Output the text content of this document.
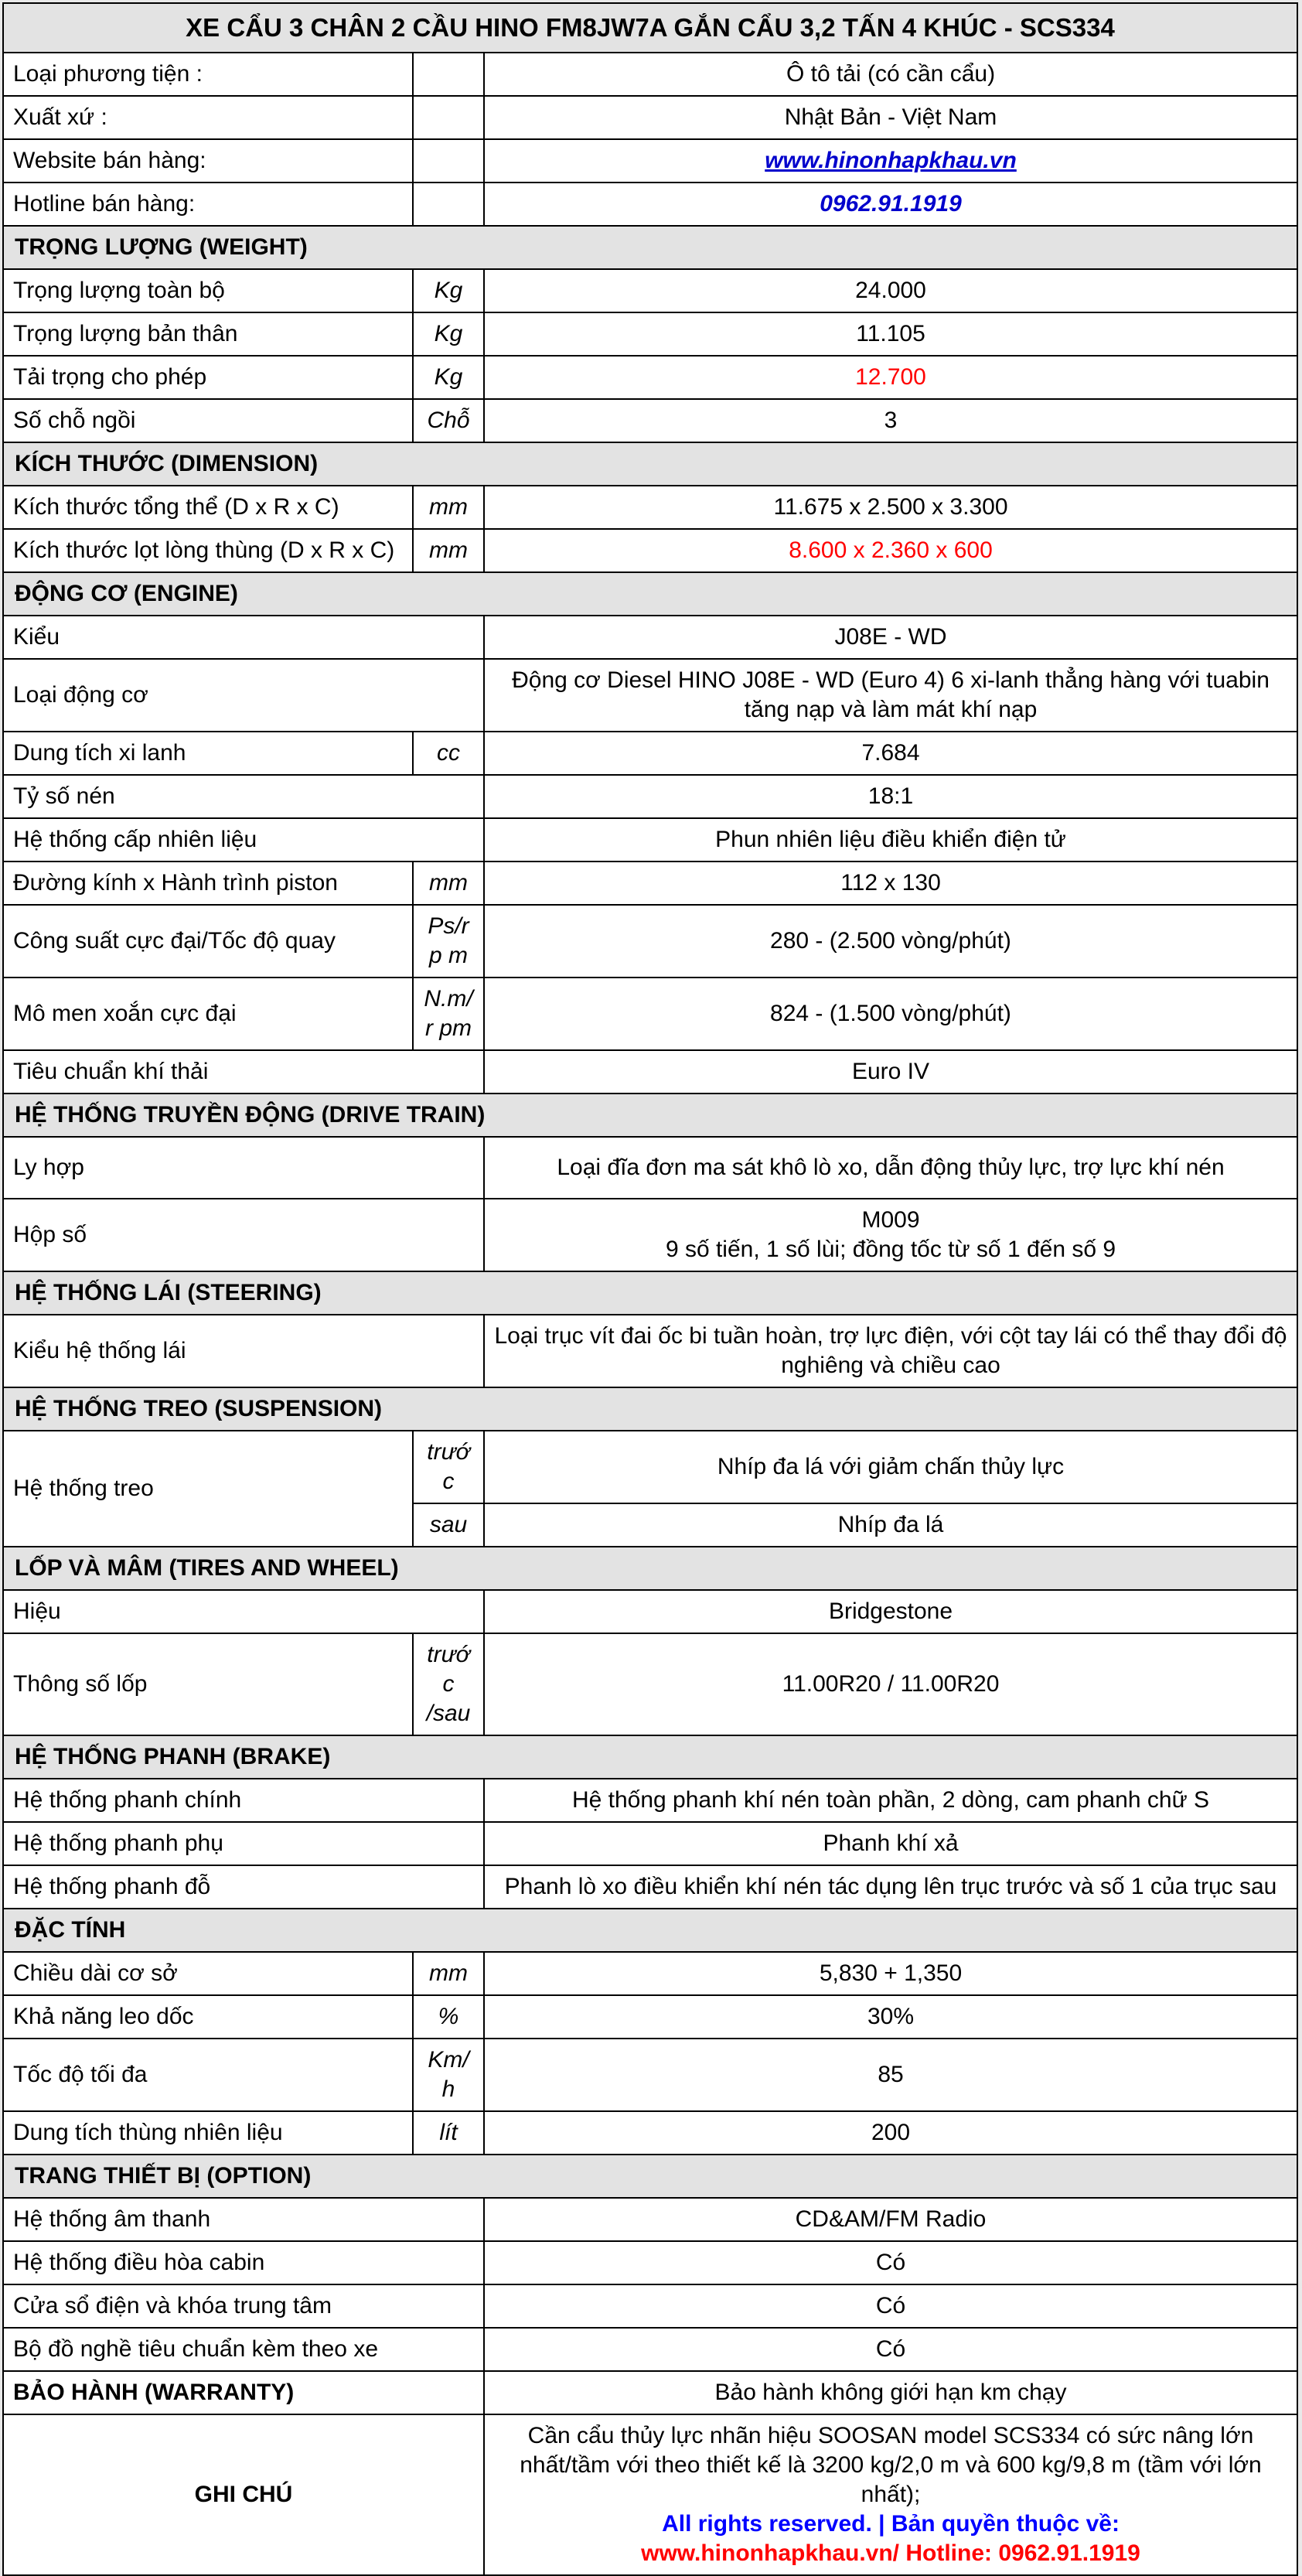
XE CẨU 3 CHÂN 2 CẦU HINO FM8JW7A GẮN CẨU 3,2 TẤN 4 KHÚC - SCS334		
Loại phương tiện :		Ô tô tải (có cần cẩu)
Xuất xứ :		Nhật Bản - Việt Nam
Website bán hàng:		www.hinonhapkhau.vn
Hotline bán hàng:		0962.91.1919
TRỌNG LƯỢNG (WEIGHT)		
Trọng lượng toàn bộ	Kg	24.000
Trọng lượng bản thân	Kg	11.105
Tải trọng cho phép	Kg	12.700
Số chỗ ngồi	Chỗ	3
KÍCH THƯỚC (DIMENSION)		
Kích thước tổng thể (D x R x C)	mm	11.675 x 2.500 x 3.300
Kích thước lọt lòng thùng (D x R x C)	mm	8.600 x 2.360 x 600
ĐỘNG CƠ (ENGINE)		
Kiểu		J08E - WD
Loại động cơ		Động cơ Diesel HINO J08E - WD (Euro 4) 6 xi-lanh thẳng hàng với tuabin tăng nạp và làm mát khí nạp
Dung tích xi lanh	cc	7.684
Tỷ số nén		18:1
Hệ thống cấp nhiên liệu		Phun nhiên liệu điều khiển điện tử
Đường kính x Hành trình piston	mm	112 x 130
Công suất cực đại/Tốc độ quay	Ps/rp m	280 - (2.500 vòng/phút)
Mô men xoắn cực đại	N.m/r pm	824 - (1.500 vòng/phút)
Tiêu chuẩn khí thải		Euro IV
HỆ THỐNG TRUYỀN ĐỘNG (DRIVE TRAIN)		
Ly hợp		Loại đĩa đơn ma sát khô lò xo, dẫn động thủy lực, trợ lực khí nén
Hộp số		M009
9 số tiến, 1 số lùi; đồng tốc từ số 1 đến số 9

HỆ THỐNG LÁI (STEERING)		
Kiểu hệ thống lái		Loại trục vít đai ốc bi tuần hoàn, trợ lực điện, với cột tay lái có thể thay đổi độ nghiêng và chiều cao
HỆ THỐNG TREO (SUSPENSION)		
Hệ thống treo	trước	Nhíp đa lá với giảm chấn thủy lực
	sau	Nhíp đa lá
LỐP VÀ MÂM (TIRES AND WHEEL)		
Hiệu		Bridgestone
Thông số lốp	trước /sau	11.00R20 / 11.00R20
HỆ THỐNG PHANH (BRAKE)		
Hệ thống phanh chính		Hệ thống phanh khí nén toàn phần, 2 dòng, cam phanh chữ S
Hệ thống phanh phụ		Phanh khí xả
Hệ thống phanh đỗ		Phanh lò xo điều khiển khí nén tác dụng lên trục trước và số 1 của trục sau
ĐẶC TÍNH		
Chiều dài cơ sở	mm	5,830 + 1,350
Khả năng leo dốc	%	30%
Tốc độ tối đa	Km/h	85
Dung tích thùng nhiên liệu	lít	200
TRANG THIẾT BỊ (OPTION)		
Hệ thống âm thanh		CD&AM/FM Radio
Hệ thống điều hòa cabin		Có
Cửa sổ điện và khóa trung tâm		Có
Bộ đồ nghề tiêu chuẩn kèm theo xe		Có
BẢO HÀNH (WARRANTY)		Bảo hành không giới hạn km chạy
GHI CHÚ		Cần cẩu thủy lực nhãn hiệu SOOSAN model SCS334 có sức nâng lớn nhất/tầm với theo thiết kế là 3200 kg/2,0 m và 600 kg/9,8 m (tầm với lớn nhất);
All rights reserved. | Bản quyền thuộc về:
www.hinonhapkhau.vn/ Hotline: 0962.91.1919
